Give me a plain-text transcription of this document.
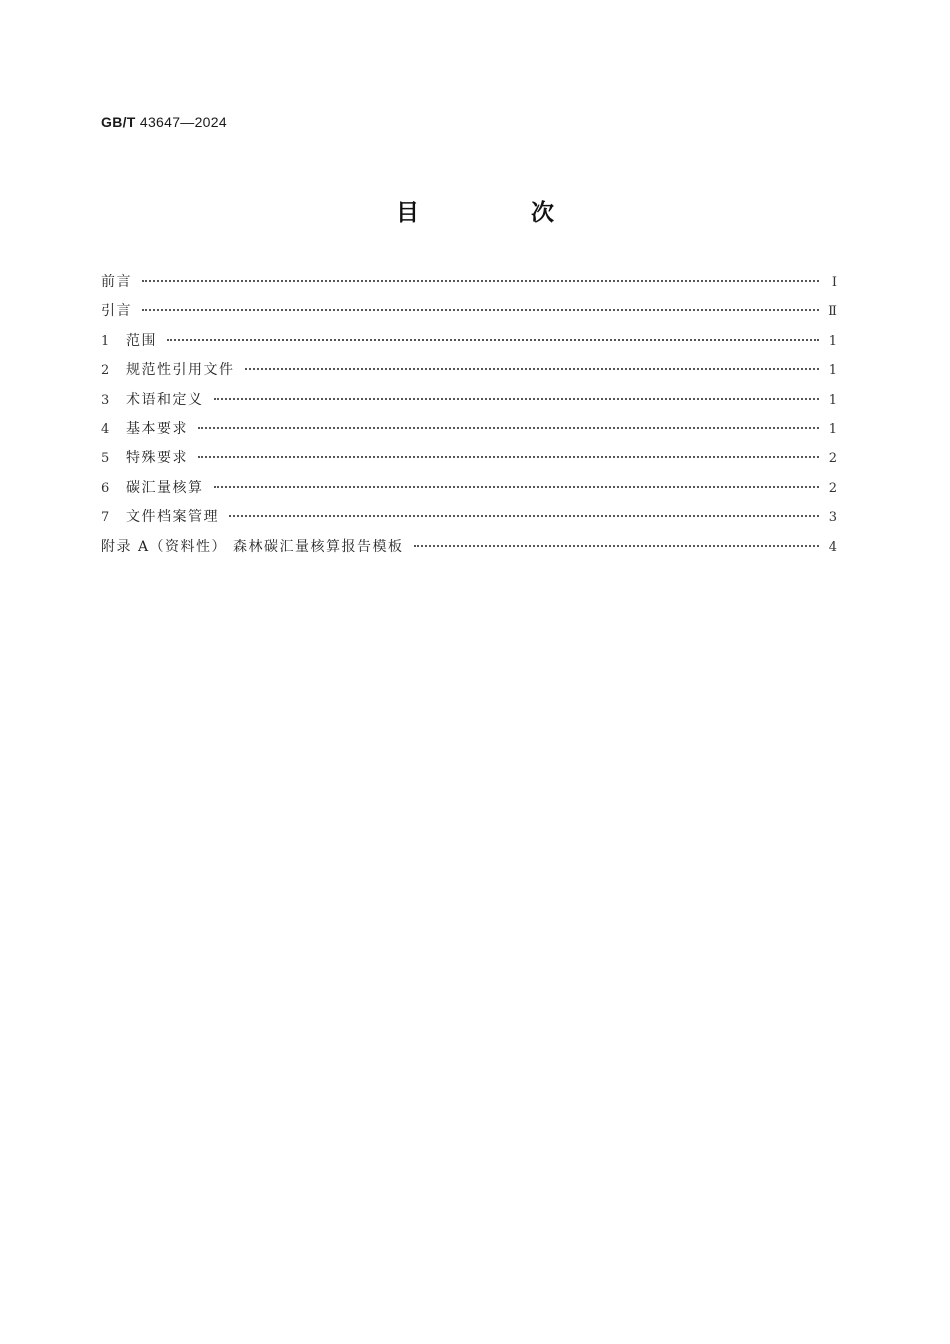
GB/T 43647—2024
目 次
前言	Ⅰ
引言	Ⅱ
1	范围	1
2	规范性引用文件	1
3	术语和定义	1
4	基本要求	1
5	特殊要求	2
6	碳汇量核算	2
7	文件档案管理	3
附录 A（资料性） 森林碳汇量核算报告模板	4
